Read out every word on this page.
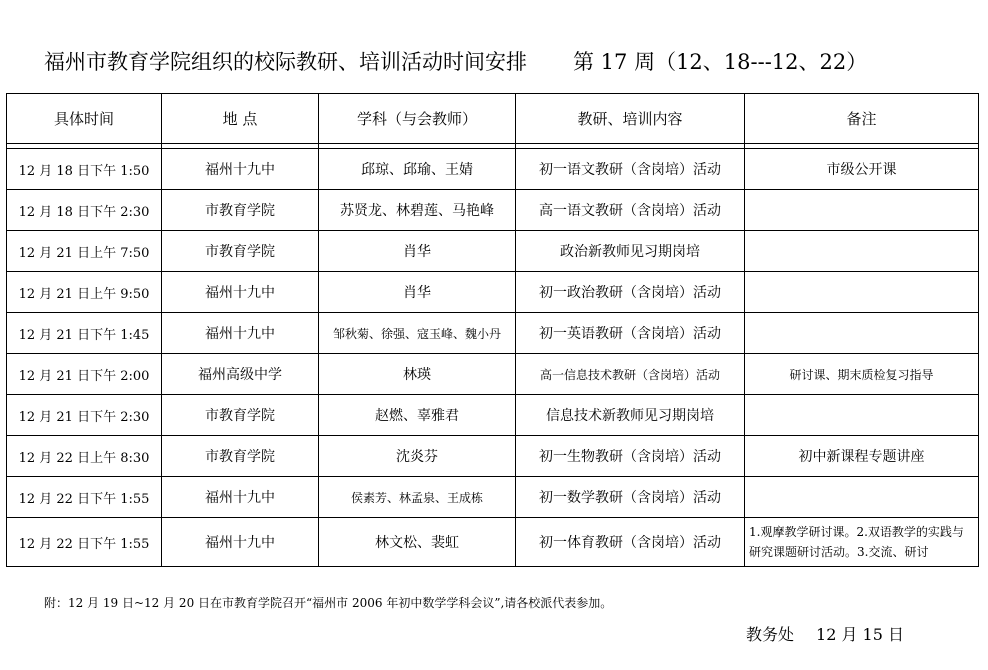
福州市教育学院组织的校际教研、培训活动时间安排 第 17 周（12、18---12、22）
具体时间	地 点	学科（与会教师）	教研、培训内容	备注

12 月 18 日下午 1:50	福州十九中	邱琼、邱瑜、王婧	初一语文教研（含岗培）活动	市级公开课
12 月 18 日下午 2:30	市教育学院	苏贤龙、林碧莲、马艳峰	高一语文教研（含岗培）活动	
12 月 21 日上午 7:50	市教育学院	肖华	政治新教师见习期岗培	
12 月 21 日上午 9:50	福州十九中	肖华	初一政治教研（含岗培）活动	
12 月 21 日下午 1:45	福州十九中	邹秋菊、徐强、寇玉峰、魏小丹	初一英语教研（含岗培）活动	
12 月 21 日下午 2:00	福州高级中学	林瑛	高一信息技术教研（含岗培）活动	研讨课、期末质检复习指导
12 月 21 日下午 2:30	市教育学院	赵燃、辜雅君	信息技术新教师见习期岗培	
12 月 22 日上午 8:30	市教育学院	沈炎芬	初一生物教研（含岗培）活动	初中新课程专题讲座
12 月 22 日下午 1:55	福州十九中	侯素芳、林孟泉、王成栋	初一数学教研（含岗培）活动	
12 月 22 日下午 1:55	福州十九中	林文松、裴虹	初一体育教研（含岗培）活动	1.观摩教学研讨课。2.双语教学的实践与研究课题研讨活动。3.交流、研讨
附：12 月 19 日~12 月 20 日在市教育学院召开“福州市 2006 年初中数学学科会议”,请各校派代表参加。
教务处 12 月 15 日
